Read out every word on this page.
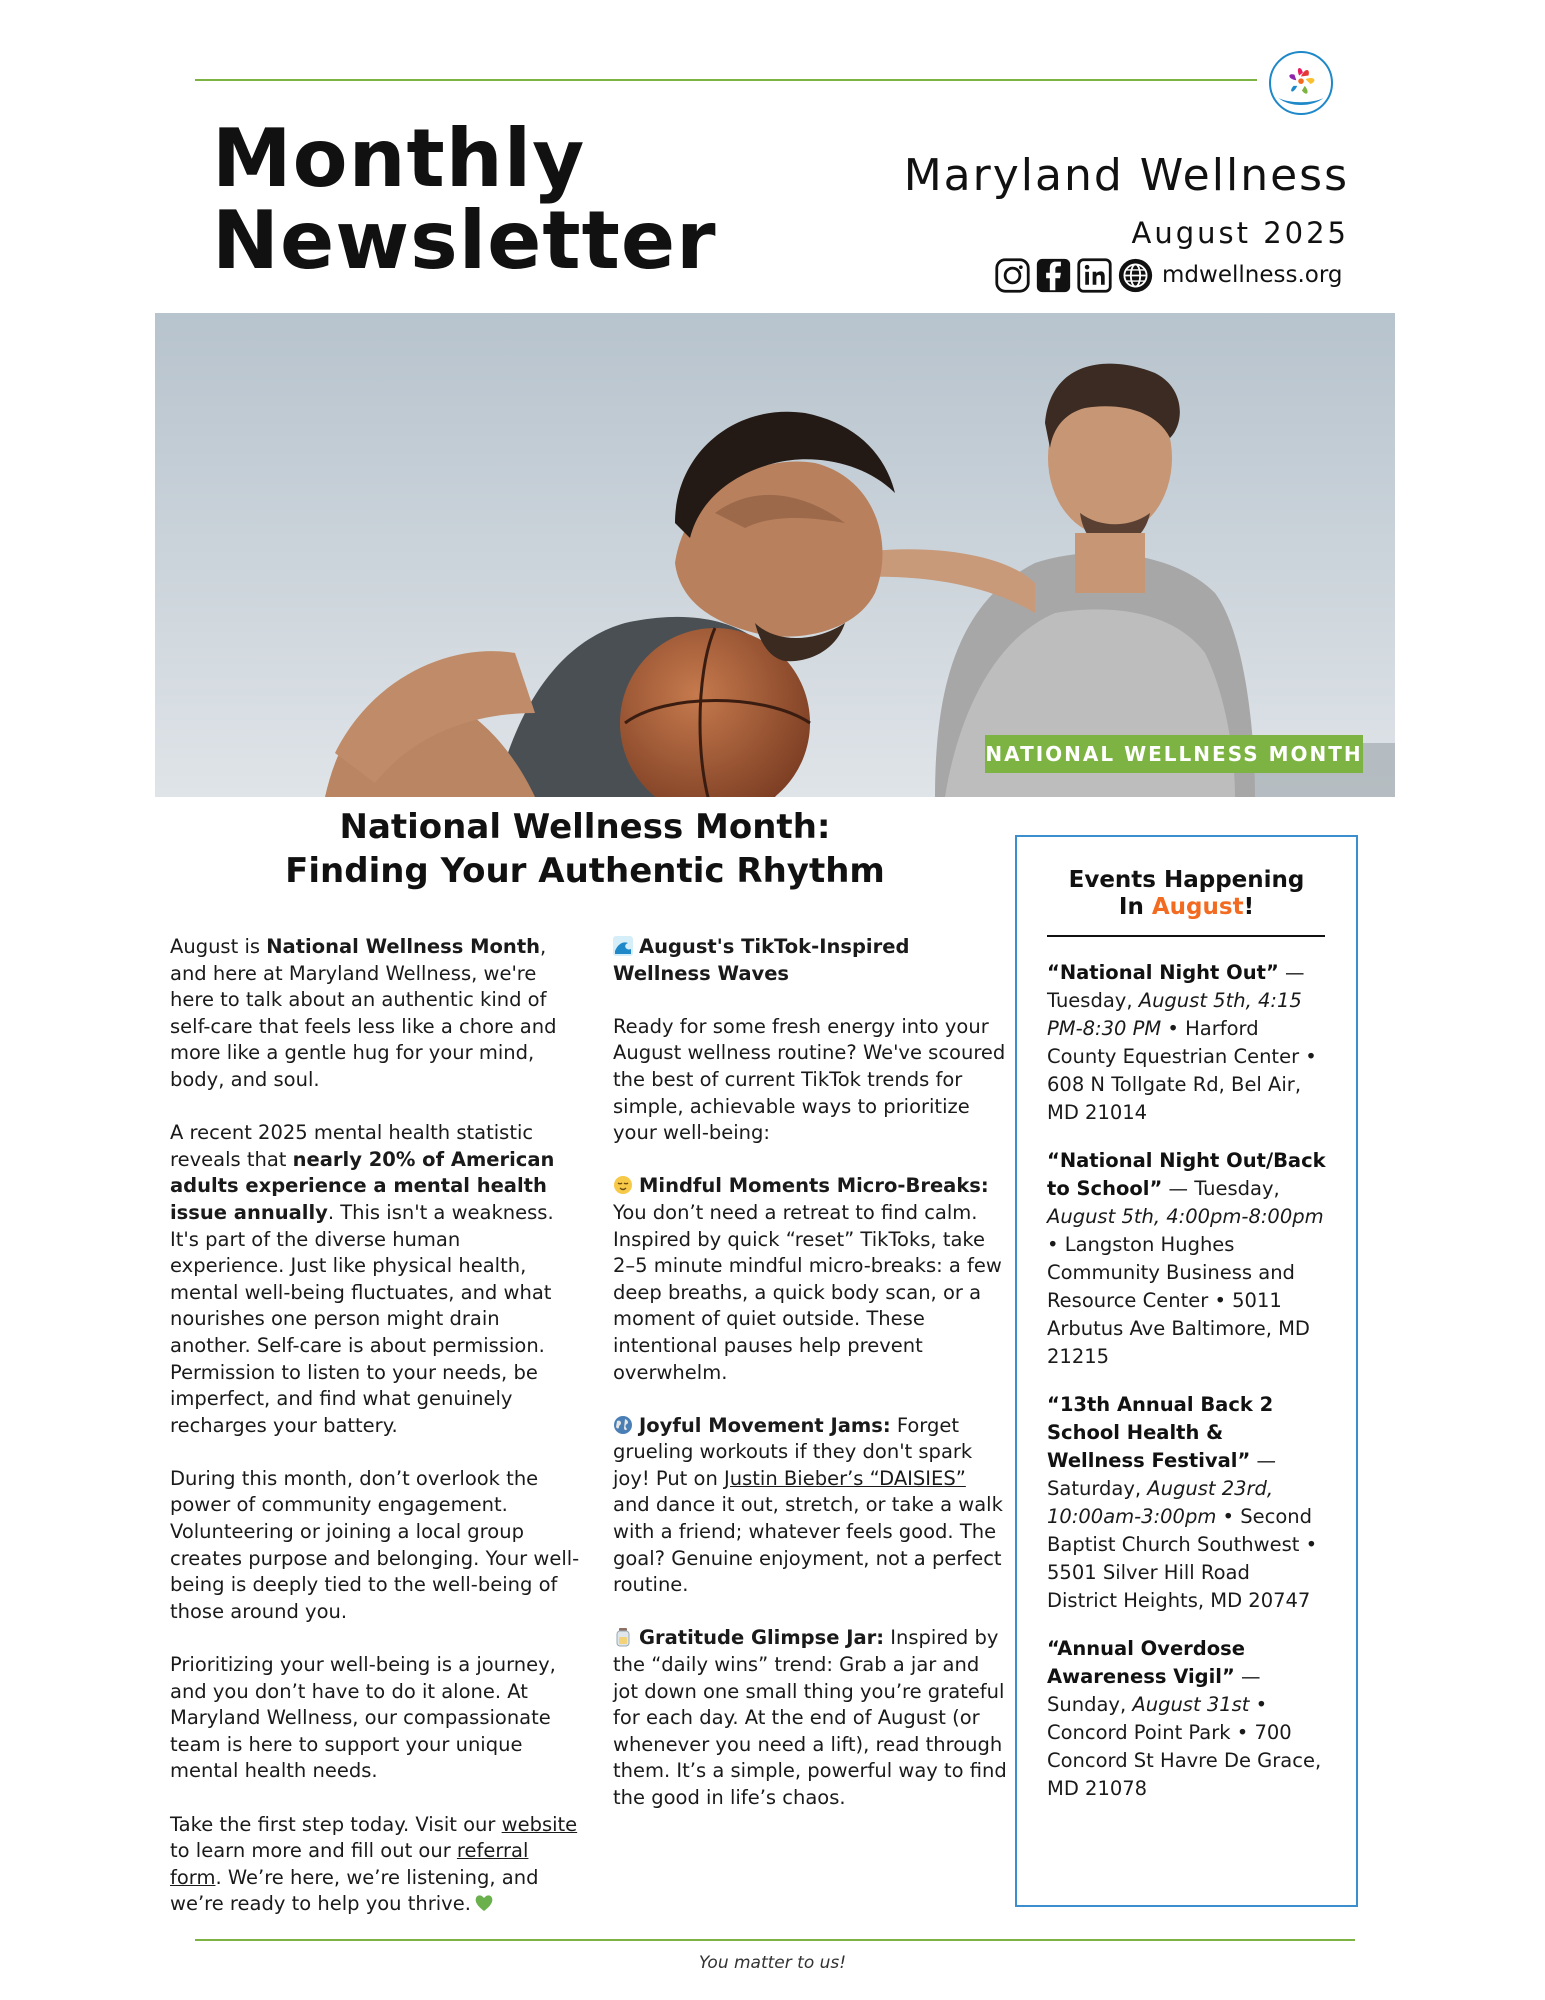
Monthly
Newsletter
Maryland Wellness
August 2025
mdwellness.org
NATIONAL WELLNESS MONTH
National Wellness Month:
Finding Your Authentic Rhythm

August is National Wellness Month, and here at Maryland Wellness, we're here to talk about an authentic kind of self-care that feels less like a chore and more like a gentle hug for your mind, body, and soul.

A recent 2025 mental health statistic reveals that nearly 20% of American adults experience a mental health issue annually. This isn't a weakness. It's part of the diverse human experience. Just like physical health, mental well-being fluctuates, and what nourishes one person might drain another. Self-care is about permission. Permission to listen to your needs, be imperfect, and find what genuinely recharges your battery.

During this month, don’t overlook the power of community engagement. Volunteering or joining a local group creates purpose and belonging. Your well-being is deeply tied to the well-being of those around you.

Prioritizing your well-being is a journey, and you don’t have to do it alone. At Maryland Wellness, our compassionate team is here to support your unique mental health needs.

Take the first step today. Visit our website to learn more and fill out our referral form. We’re here, we’re listening, and we’re ready to help you thrive.

August's TikTok-Inspired Wellness Waves

Ready for some fresh energy into your August wellness routine? We've scoured the best of current TikTok trends for simple, achievable ways to prioritize your well-being:

Mindful Moments Micro-Breaks: You don’t need a retreat to find calm. Inspired by quick “reset” TikToks, take 2–5 minute mindful micro-breaks: a few deep breaths, a quick body scan, or a moment of quiet outside. These intentional pauses help prevent overwhelm.

Joyful Movement Jams: Forget grueling workouts if they don't spark joy! Put on Justin Bieber’s “DAISIES” and dance it out, stretch, or take a walk with a friend; whatever feels good. The goal? Genuine enjoyment, not a perfect routine.

Gratitude Glimpse Jar: Inspired by the “daily wins” trend: Grab a jar and jot down one small thing you’re grateful for each day. At the end of August (or whenever you need a lift), read through them. It’s a simple, powerful way to find the good in life’s chaos.

Events Happening
In August!
“National Night Out” — Tuesday, August 5th, 4:15 PM-8:30 PM • Harford County Equestrian Center • 608 N Tollgate Rd, Bel Air, MD 21014
“National Night Out/Back to School” — Tuesday, August 5th, 4:00pm-8:00pm • Langston Hughes Community Business and Resource Center • 5011 Arbutus Ave Baltimore, MD 21215
“13th Annual Back 2 School Health & Wellness Festival” — Saturday, August 23rd, 10:00am-3:00pm • Second Baptist Church Southwest • 5501 Silver Hill Road District Heights, MD 20747
“Annual Overdose Awareness Vigil” — Sunday, August 31st • Concord Point Park • 700 Concord St Havre De Grace, MD 21078
You matter to us!
